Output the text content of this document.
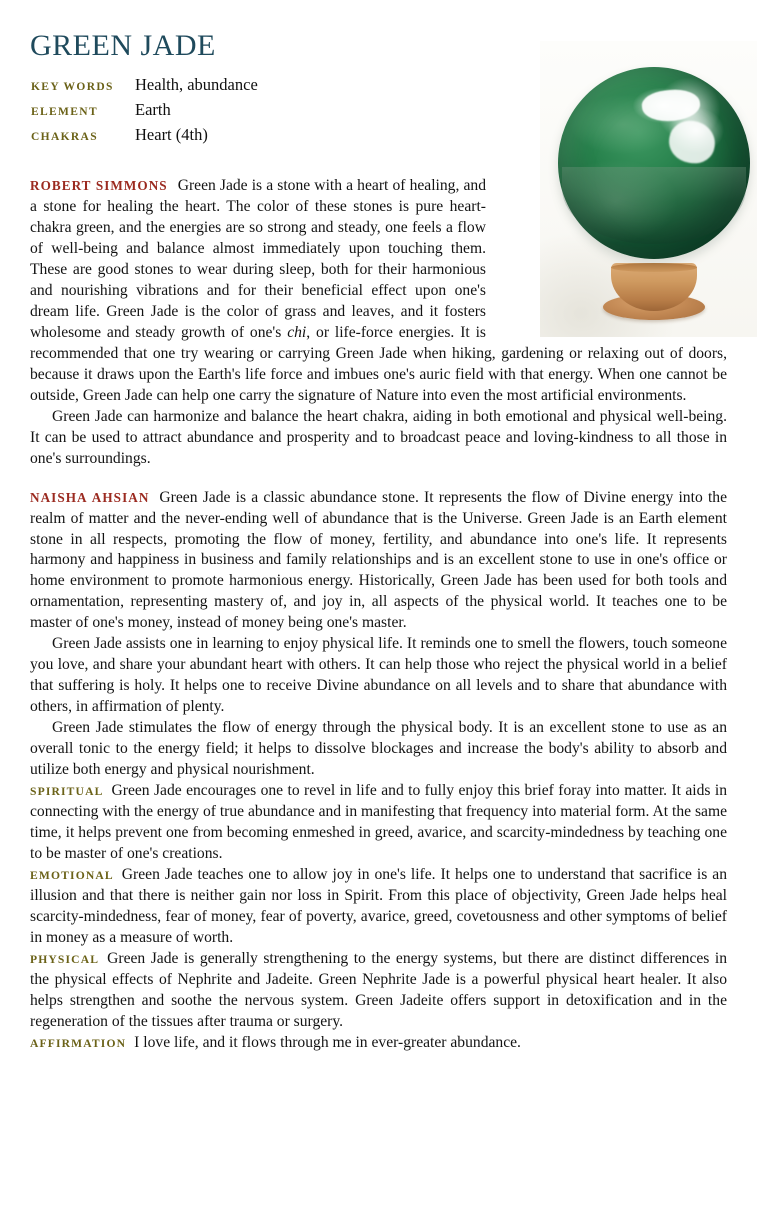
GREEN JADE
KEY WORDS	Health, abundance
ELEMENT	Earth
CHAKRAS	Heart (4th)

ROBERT SIMMONS Green Jade is a stone with a heart of healing, and a stone for healing the heart. The color of these stones is pure heart-chakra green, and the energies are so strong and steady, one feels a flow of well-being and balance almost immediately upon touching them. These are good stones to wear during sleep, both for their harmonious and nourishing vibrations and for their beneficial effect upon one's dream life. Green Jade is the color of grass and leaves, and it fosters wholesome and steady growth of one's chi, or life-force energies. It is recommended that one try wearing or carrying Green Jade when hiking, gardening or relaxing out of doors, because it draws upon the Earth's life force and imbues one's auric field with that energy. When one cannot be outside, Green Jade can help one carry the signature of Nature into even the most artificial environments.

Green Jade can harmonize and balance the heart chakra, aiding in both emotional and physical well-being. It can be used to attract abundance and prosperity and to broadcast peace and loving-kindness to all those in one's surroundings.

NAISHA AHSIAN Green Jade is a classic abundance stone. It represents the flow of Divine energy into the realm of matter and the never-ending well of abundance that is the Universe. Green Jade is an Earth element stone in all respects, promoting the flow of money, fertility, and abundance into one's life. It represents harmony and happiness in business and family relationships and is an excellent stone to use in one's office or home environment to promote harmonious energy. Historically, Green Jade has been used for both tools and ornamentation, representing mastery of, and joy in, all aspects of the physical world. It teaches one to be master of one's money, instead of money being one's master.

Green Jade assists one in learning to enjoy physical life. It reminds one to smell the flowers, touch someone you love, and share your abundant heart with others. It can help those who reject the physical world in a belief that suffering is holy. It helps one to receive Divine abundance on all levels and to share that abundance with others, in affirmation of plenty.

Green Jade stimulates the flow of energy through the physical body. It is an excellent stone to use as an overall tonic to the energy field; it helps to dissolve blockages and increase the body's ability to absorb and utilize both energy and physical nourishment.

SPIRITUAL Green Jade encourages one to revel in life and to fully enjoy this brief foray into matter. It aids in connecting with the energy of true abundance and in manifesting that frequency into material form. At the same time, it helps prevent one from becoming enmeshed in greed, avarice, and scarcity-mindedness by teaching one to be master of one's creations.

EMOTIONAL Green Jade teaches one to allow joy in one's life. It helps one to understand that sacrifice is an illusion and that there is neither gain nor loss in Spirit. From this place of objectivity, Green Jade helps heal scarcity-mindedness, fear of money, fear of poverty, avarice, greed, covetousness and other symptoms of belief in money as a measure of worth.

PHYSICAL Green Jade is generally strengthening to the energy systems, but there are distinct differences in the physical effects of Nephrite and Jadeite. Green Nephrite Jade is a powerful physical heart healer. It also helps strengthen and soothe the nervous system. Green Jadeite offers support in detoxification and in the regeneration of the tissues after trauma or surgery.

AFFIRMATION I love life, and it flows through me in ever-greater abundance.
